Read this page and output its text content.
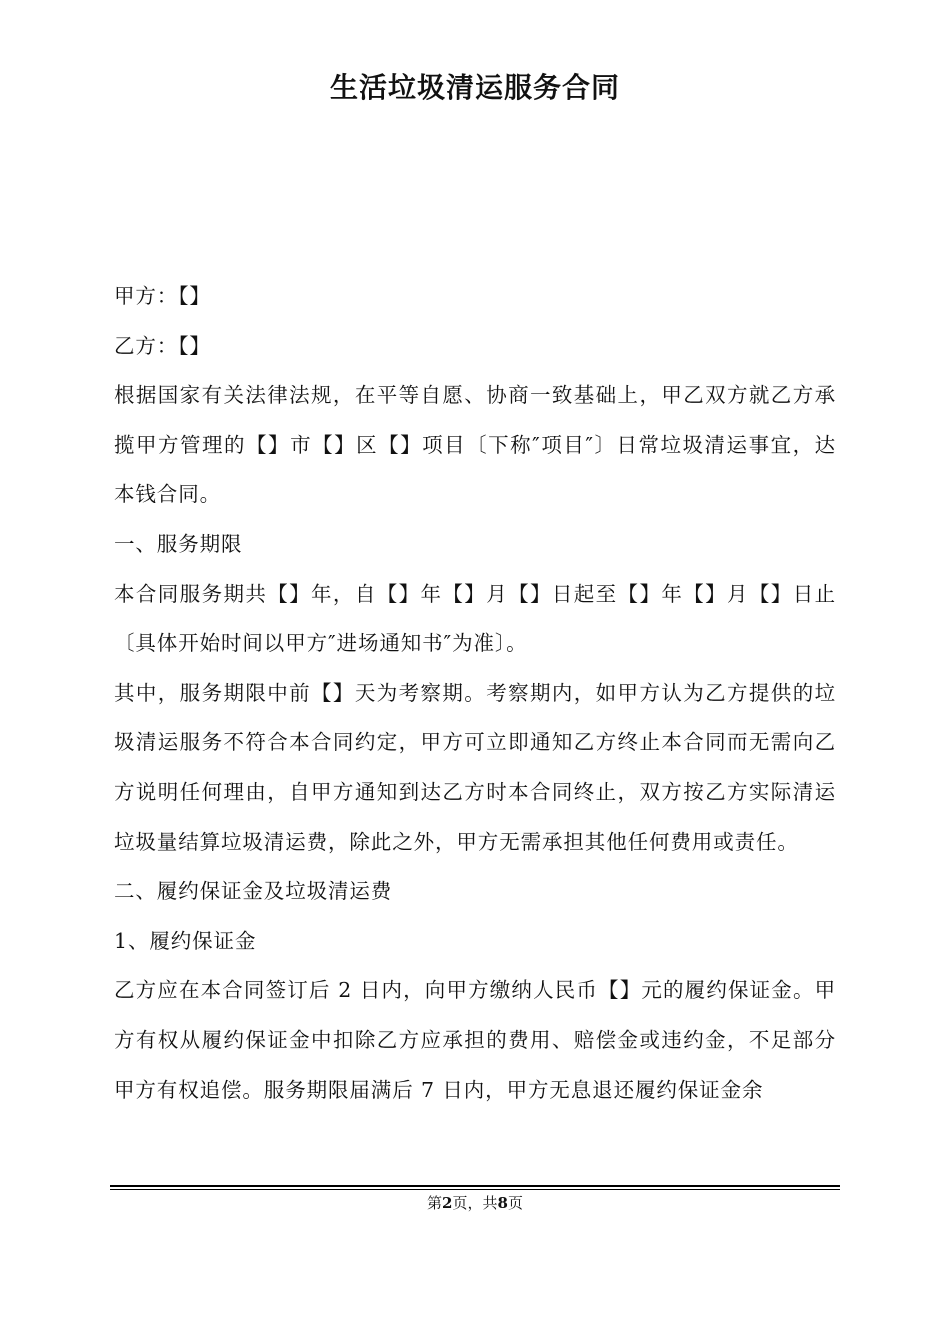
生活垃圾清运服务合同

甲方：【】

乙方：【】

根据国家有关法律法规，在平等自愿、协商一致基础上，甲乙双方就乙方承揽甲方管理的【】市【】区【】项目〔下称″项目″〕日常垃圾清运事宜，达本钱合同。

一、服务期限

本合同服务期共【】年，自【】年【】月【】日起至【】年【】月【】日止〔具体开始时间以甲方″进场通知书″为准〕。

其中，服务期限中前【】天为考察期。考察期内，如甲方认为乙方提供的垃圾清运服务不符合本合同约定，甲方可立即通知乙方终止本合同而无需向乙方说明任何理由，自甲方通知到达乙方时本合同终止，双方按乙方实际清运垃圾量结算垃圾清运费，除此之外，甲方无需承担其他任何费用或责任。

二、履约保证金及垃圾清运费

1、履约保证金

乙方应在本合同签订后 2 日内，向甲方缴纳人民币【】元的履约保证金。甲方有权从履约保证金中扣除乙方应承担的费用、赔偿金或违约金，不足部分甲方有权追偿。服务期限届满后 7 日内，甲方无息退还履约保证金余

第2页，共8页
